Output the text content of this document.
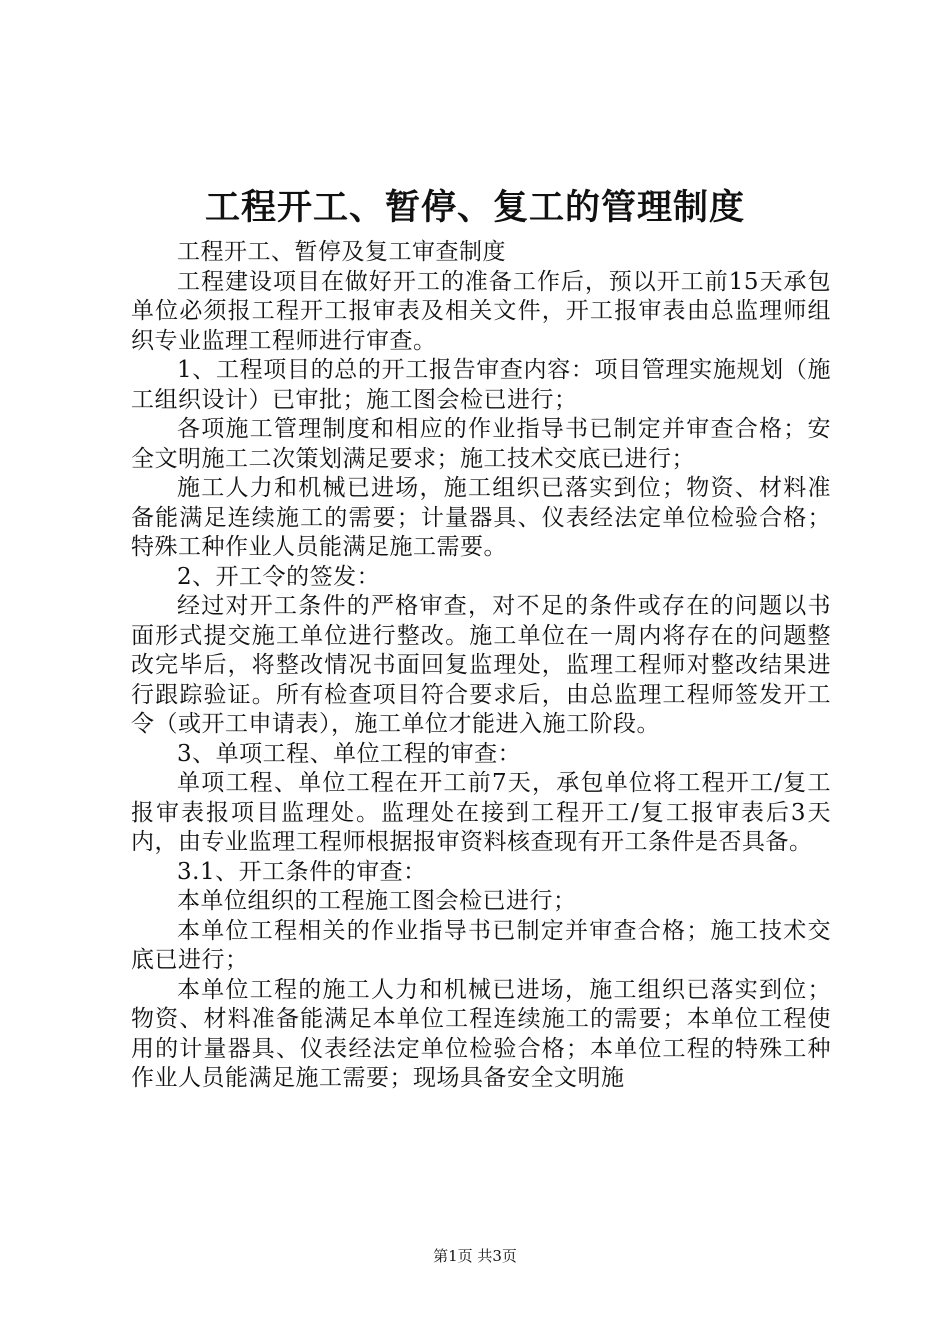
工程开工、暂停、复工的管理制度

工程开工、暂停及复工审查制度

工程建设项目在做好开工的准备工作后，预以开工前15天承包单位必须报工程开工报审表及相关文件，开工报审表由总监理师组织专业监理工程师进行审查。

1、工程项目的总的开工报告审查内容：项目管理实施规划（施工组织设计）已审批；施工图会检已进行；

各项施工管理制度和相应的作业指导书已制定并审查合格；安全文明施工二次策划满足要求；施工技术交底已进行；

施工人力和机械已进场，施工组织已落实到位；物资、材料准备能满足连续施工的需要；计量器具、仪表经法定单位检验合格；特殊工种作业人员能满足施工需要。

2、开工令的签发：

经过对开工条件的严格审查，对不足的条件或存在的问题以书面形式提交施工单位进行整改。施工单位在一周内将存在的问题整改完毕后，将整改情况书面回复监理处，监理工程师对整改结果进行跟踪验证。所有检查项目符合要求后，由总监理工程师签发开工令（或开工申请表），施工单位才能进入施工阶段。

3、单项工程、单位工程的审查：

单项工程、单位工程在开工前7天，承包单位将工程开工/复工报审表报项目监理处。监理处在接到工程开工/复工报审表后3天内，由专业监理工程师根据报审资料核查现有开工条件是否具备。

3.1、开工条件的审查：

本单位组织的工程施工图会检已进行；

本单位工程相关的作业指导书已制定并审查合格；施工技术交底已进行；

本单位工程的施工人力和机械已进场，施工组织已落实到位；物资、材料准备能满足本单位工程连续施工的需要；本单位工程使用的计量器具、仪表经法定单位检验合格；本单位工程的特殊工种作业人员能满足施工需要；现场具备安全文明施

第1页 共3页
